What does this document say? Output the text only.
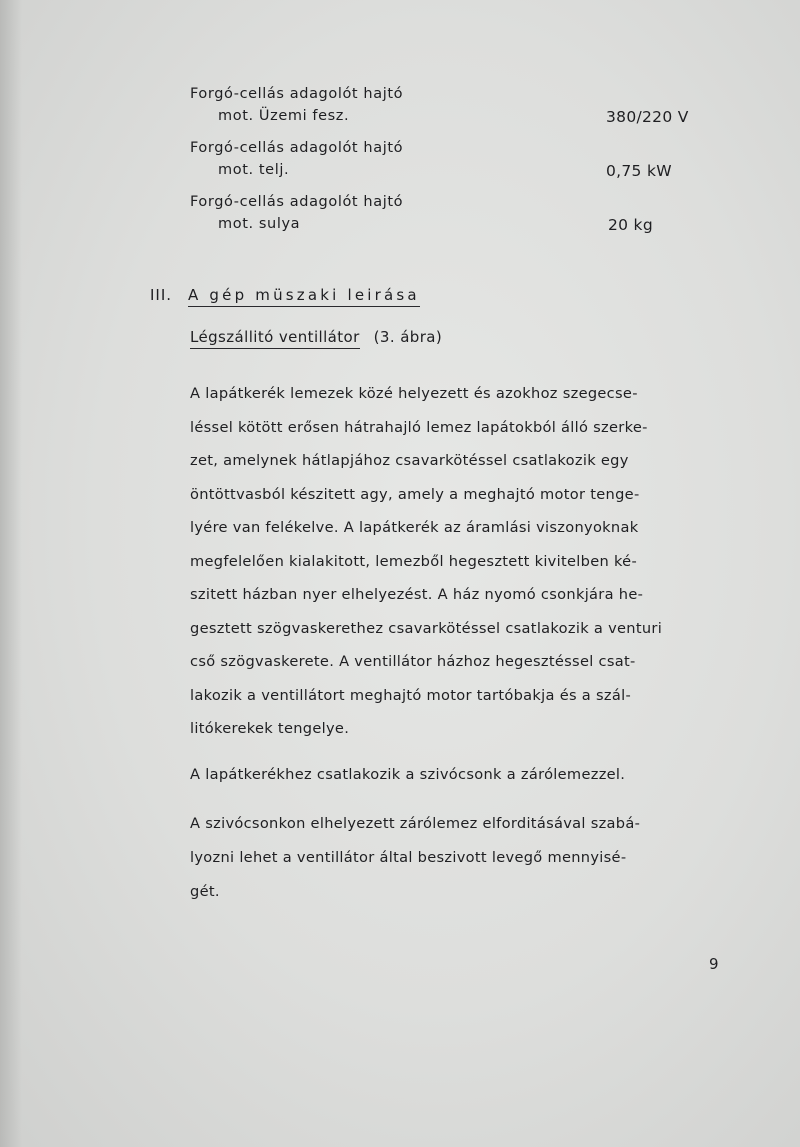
Forgó-cellás adagolót hajtó
mot. Üzemi fesz.	380/220 V
Forgó-cellás adagolót hajtó
mot. telj.	0,75 kW
Forgó-cellás adagolót hajtó
mot. sulya	20 kg
III. A gép müszaki leirása
Légszállitó ventillátor (3. ábra)
A lapátkerék lemezek közé helyezett és azokhoz szegecse-
léssel kötött erősen hátrahajló lemez lapátokból álló szerke-
zet, amelynek hátlapjához csavarkötéssel csatlakozik egy
öntöttvasból készitett agy, amely a meghajtó motor tenge-
lyére van felékelve. A lapátkerék az áramlási viszonyoknak
megfelelően kialakitott, lemezből hegesztett kivitelben ké-
szitett házban nyer elhelyezést. A ház nyomó csonkjára he-
gesztett szögvaskerethez csavarkötéssel csatlakozik a venturi
cső szögvaskerete. A ventillátor házhoz hegesztéssel csat-
lakozik a ventillátort meghajtó motor tartóbakja és a szál-
litókerekek tengelye.
A lapátkerékhez csatlakozik a szivócsonk a zárólemezzel.
A szivócsonkon elhelyezett zárólemez elforditásával szabá-
lyozni lehet a ventillátor által beszivott levegő mennyisé-
gét.
9
